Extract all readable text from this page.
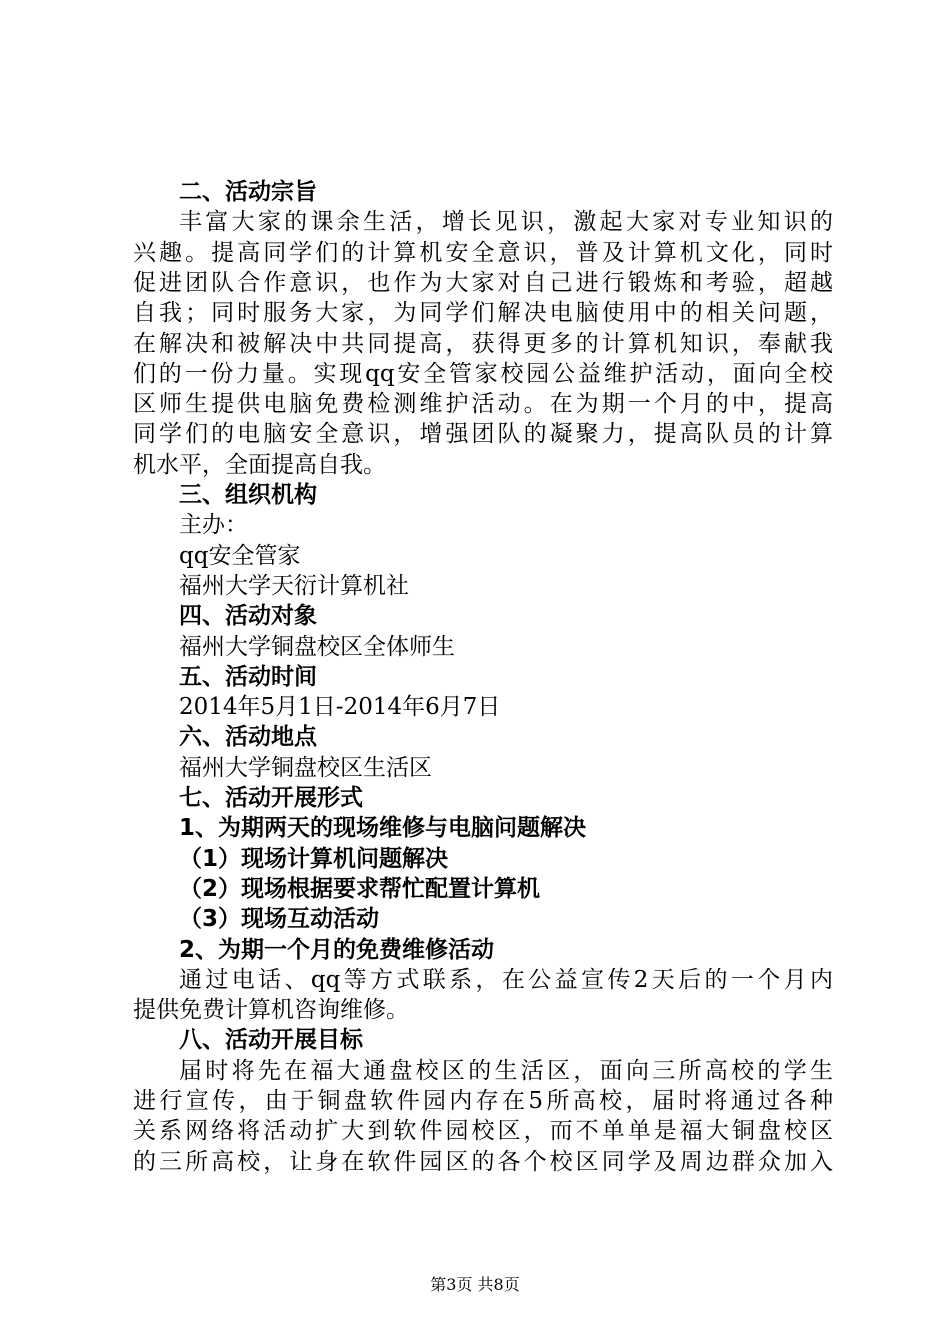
二、活动宗旨
丰富大家的课余生活，增长见识，激起大家对专业知识的
兴趣。提高同学们的计算机安全意识，普及计算机文化，同时
促进团队合作意识，也作为大家对自己进行锻炼和考验，超越
自我；同时服务大家，为同学们解决电脑使用中的相关问题，
在解决和被解决中共同提高，获得更多的计算机知识，奉献我
们的一份力量。实现qq安全管家校园公益维护活动，面向全校
区师生提供电脑免费检测维护活动。在为期一个月的中，提高
同学们的电脑安全意识，增强团队的凝聚力，提高队员的计算
机水平，全面提高自我。
三、组织机构
主办：
qq安全管家
福州大学天衍计算机社
四、活动对象
福州大学铜盘校区全体师生
五、活动时间
2014年5月1日-2014年6月7日
六、活动地点
福州大学铜盘校区生活区
七、活动开展形式
1、为期两天的现场维修与电脑问题解决
（1）现场计算机问题解决
（2）现场根据要求帮忙配置计算机
（3）现场互动活动
2、为期一个月的免费维修活动
通过电话、qq等方式联系，在公益宣传2天后的一个月内
提供免费计算机咨询维修。
八、活动开展目标
届时将先在福大通盘校区的生活区，面向三所高校的学生
进行宣传，由于铜盘软件园内存在5所高校，届时将通过各种
关系网络将活动扩大到软件园校区，而不单单是福大铜盘校区
的三所高校，让身在软件园区的各个校区同学及周边群众加入
第3页 共8页
